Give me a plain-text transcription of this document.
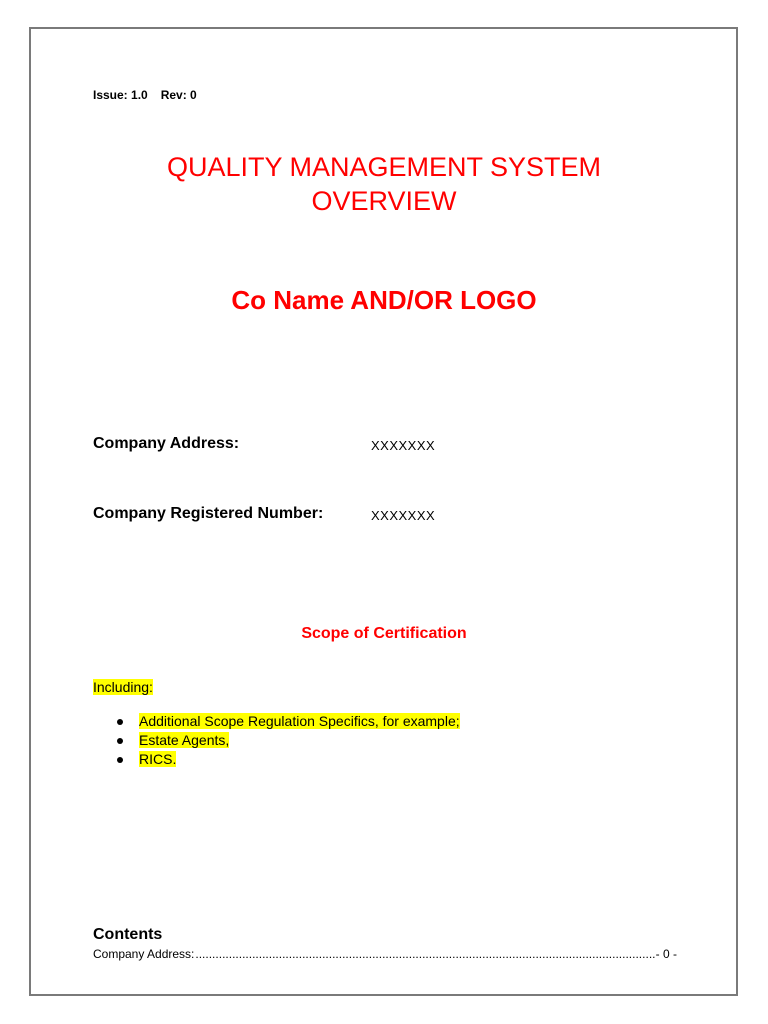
Issue: 1.0 Rev: 0
QUALITY MANAGEMENT SYSTEM
OVERVIEW
Co Name AND/OR LOGO
Company Address:	XXXXXXX
Company Registered Number:	XXXXXXX
Scope of Certification
Including:
Additional Scope Regulation Specifics, for example;
Estate Agents,
RICS.
Contents
Company Address:
.....	- 0 -
